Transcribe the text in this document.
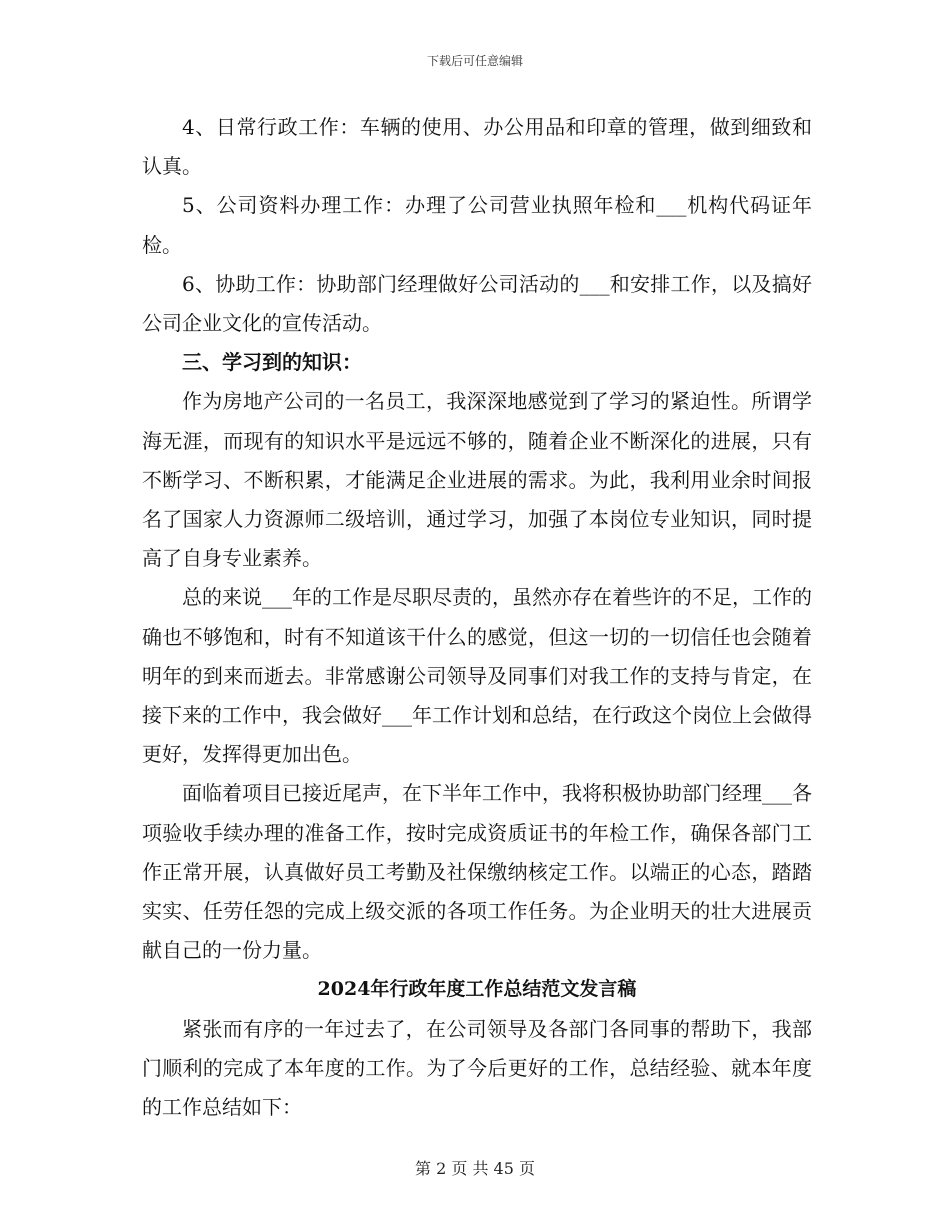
下载后可任意编辑

4、日常行政工作：车辆的使用、办公用品和印章的管理，做到细致和认真。

5、公司资料办理工作：办理了公司营业执照年检和___机构代码证年检。

6、协助工作：协助部门经理做好公司活动的___和安排工作，以及搞好公司企业文化的宣传活动。

三、学习到的知识：

作为房地产公司的一名员工，我深深地感觉到了学习的紧迫性。所谓学海无涯，而现有的知识水平是远远不够的，随着企业不断深化的进展，只有不断学习、不断积累，才能满足企业进展的需求。为此，我利用业余时间报名了国家人力资源师二级培训，通过学习，加强了本岗位专业知识，同时提高了自身专业素养。

总的来说___年的工作是尽职尽责的，虽然亦存在着些许的不足，工作的确也不够饱和，时有不知道该干什么的感觉，但这一切的一切信任也会随着明年的到来而逝去。非常感谢公司领导及同事们对我工作的支持与肯定，在接下来的工作中，我会做好___年工作计划和总结，在行政这个岗位上会做得更好，发挥得更加出色。

面临着项目已接近尾声，在下半年工作中，我将积极协助部门经理___各项验收手续办理的准备工作，按时完成资质证书的年检工作，确保各部门工作正常开展，认真做好员工考勤及社保缴纳核定工作。以端正的心态，踏踏实实、任劳任怨的完成上级交派的各项工作任务。为企业明天的壮大进展贡献自己的一份力量。

2024年行政年度工作总结范文发言稿

紧张而有序的一年过去了，在公司领导及各部门各同事的帮助下，我部门顺利的完成了本年度的工作。为了今后更好的工作，总结经验、就本年度的工作总结如下：

第 2 页 共 45 页
